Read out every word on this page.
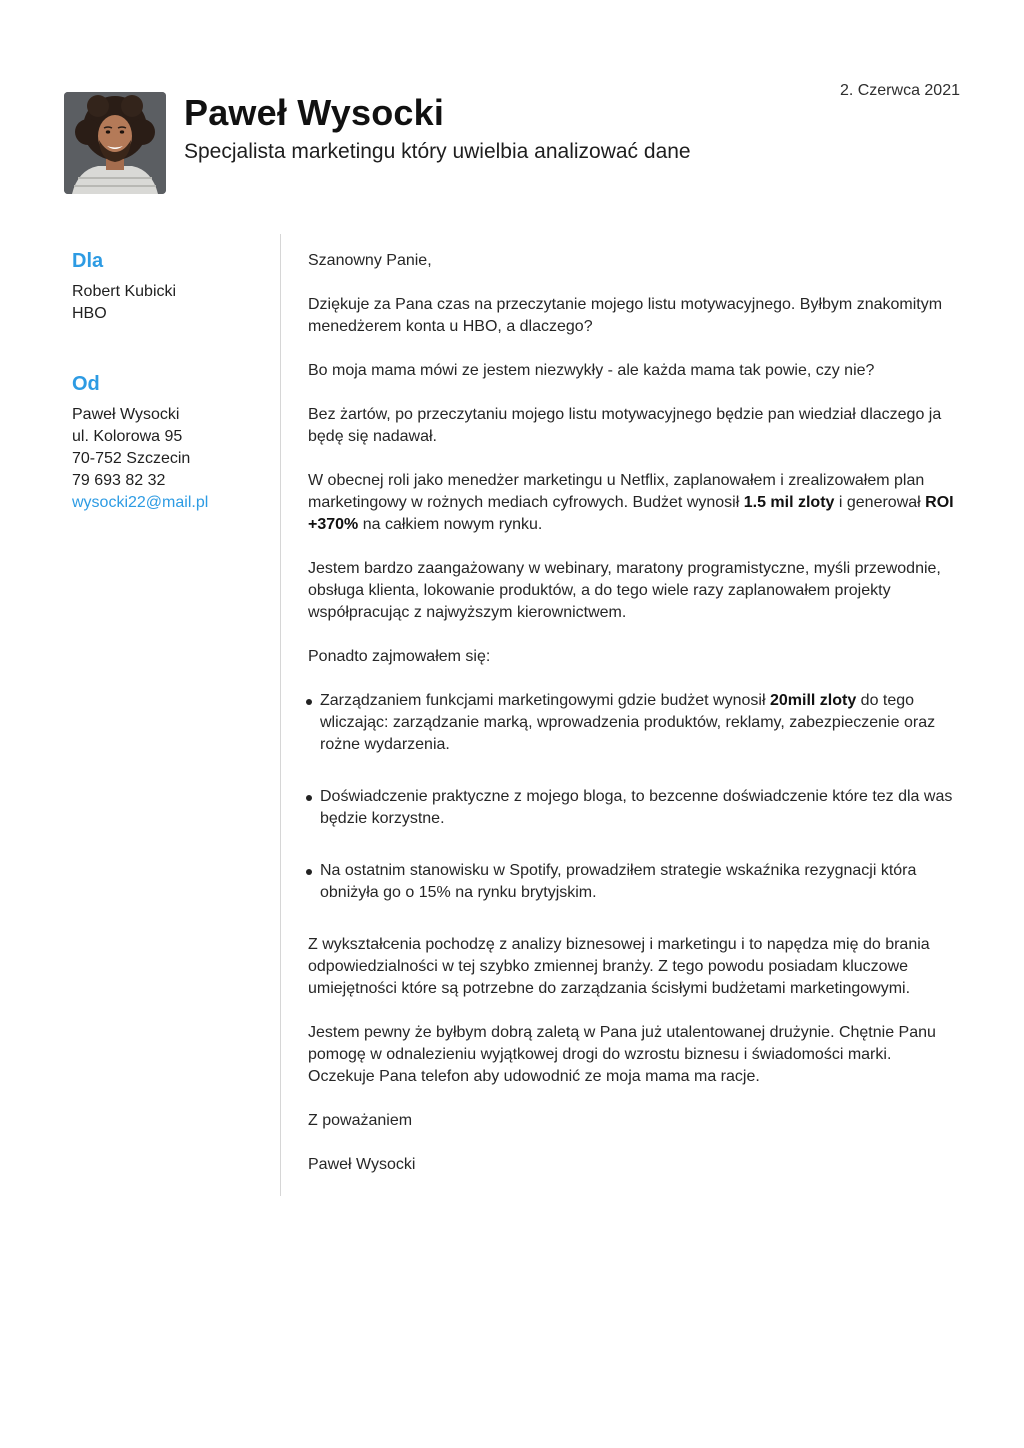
2. Czerwca 2021
Paweł Wysocki
Specjalista marketingu który uwielbia analizować dane
Dla
Robert Kubicki
HBO
Od
Paweł Wysocki
ul. Kolorowa 95
70-752 Szczecin
79 693 82 32
wysocki22@mail.pl

Szanowny Panie,

Dziękuje za Pana czas na przeczytanie mojego listu motywacyjnego. Byłbym znakomitym menedżerem konta u HBO, a dlaczego?

Bo moja mama mówi ze jestem niezwykły - ale każda mama tak powie, czy nie?

Bez żartów, po przeczytaniu mojego listu motywacyjnego będzie pan wiedział dlaczego ja będę się nadawał.

W obecnej roli jako menedżer marketingu u Netflix, zaplanowałem i zrealizowałem plan marketingowy w rożnych mediach cyfrowych. Budżet wynosił 1.5 mil zloty i generował ROI +370% na całkiem nowym rynku.

Jestem bardzo zaangażowany w webinary, maratony programistyczne, myśli przewodnie, obsługa klienta, lokowanie produktów, a do tego wiele razy zaplanowałem projekty współpracując z najwyższym kierownictwem.

Ponadto zajmowałem się:

Zarządzaniem funkcjami marketingowymi gdzie budżet wynosił 20mill zloty do tego wliczając: zarządzanie marką, wprowadzenia produktów, reklamy, zabezpieczenie oraz rożne wydarzenia.
Doświadczenie praktyczne z mojego bloga, to bezcenne doświadczenie które tez dla was będzie korzystne.
Na ostatnim stanowisku w Spotify, prowadziłem strategie wskaźnika rezygnacji która obniżyła go o 15% na rynku brytyjskim.

Z wykształcenia pochodzę z analizy biznesowej i marketingu i to napędza mię do brania odpowiedzialności w tej szybko zmiennej branży. Z tego powodu posiadam kluczowe umiejętności które są potrzebne do zarządzania ścisłymi budżetami marketingowymi.

Jestem pewny że byłbym dobrą zaletą w Pana już utalentowanej drużynie. Chętnie Panu pomogę w odnalezieniu wyjątkowej drogi do wzrostu biznesu i świadomości marki. Oczekuje Pana telefon aby udowodnić ze moja mama ma racje.

Z poważaniem

Paweł Wysocki
